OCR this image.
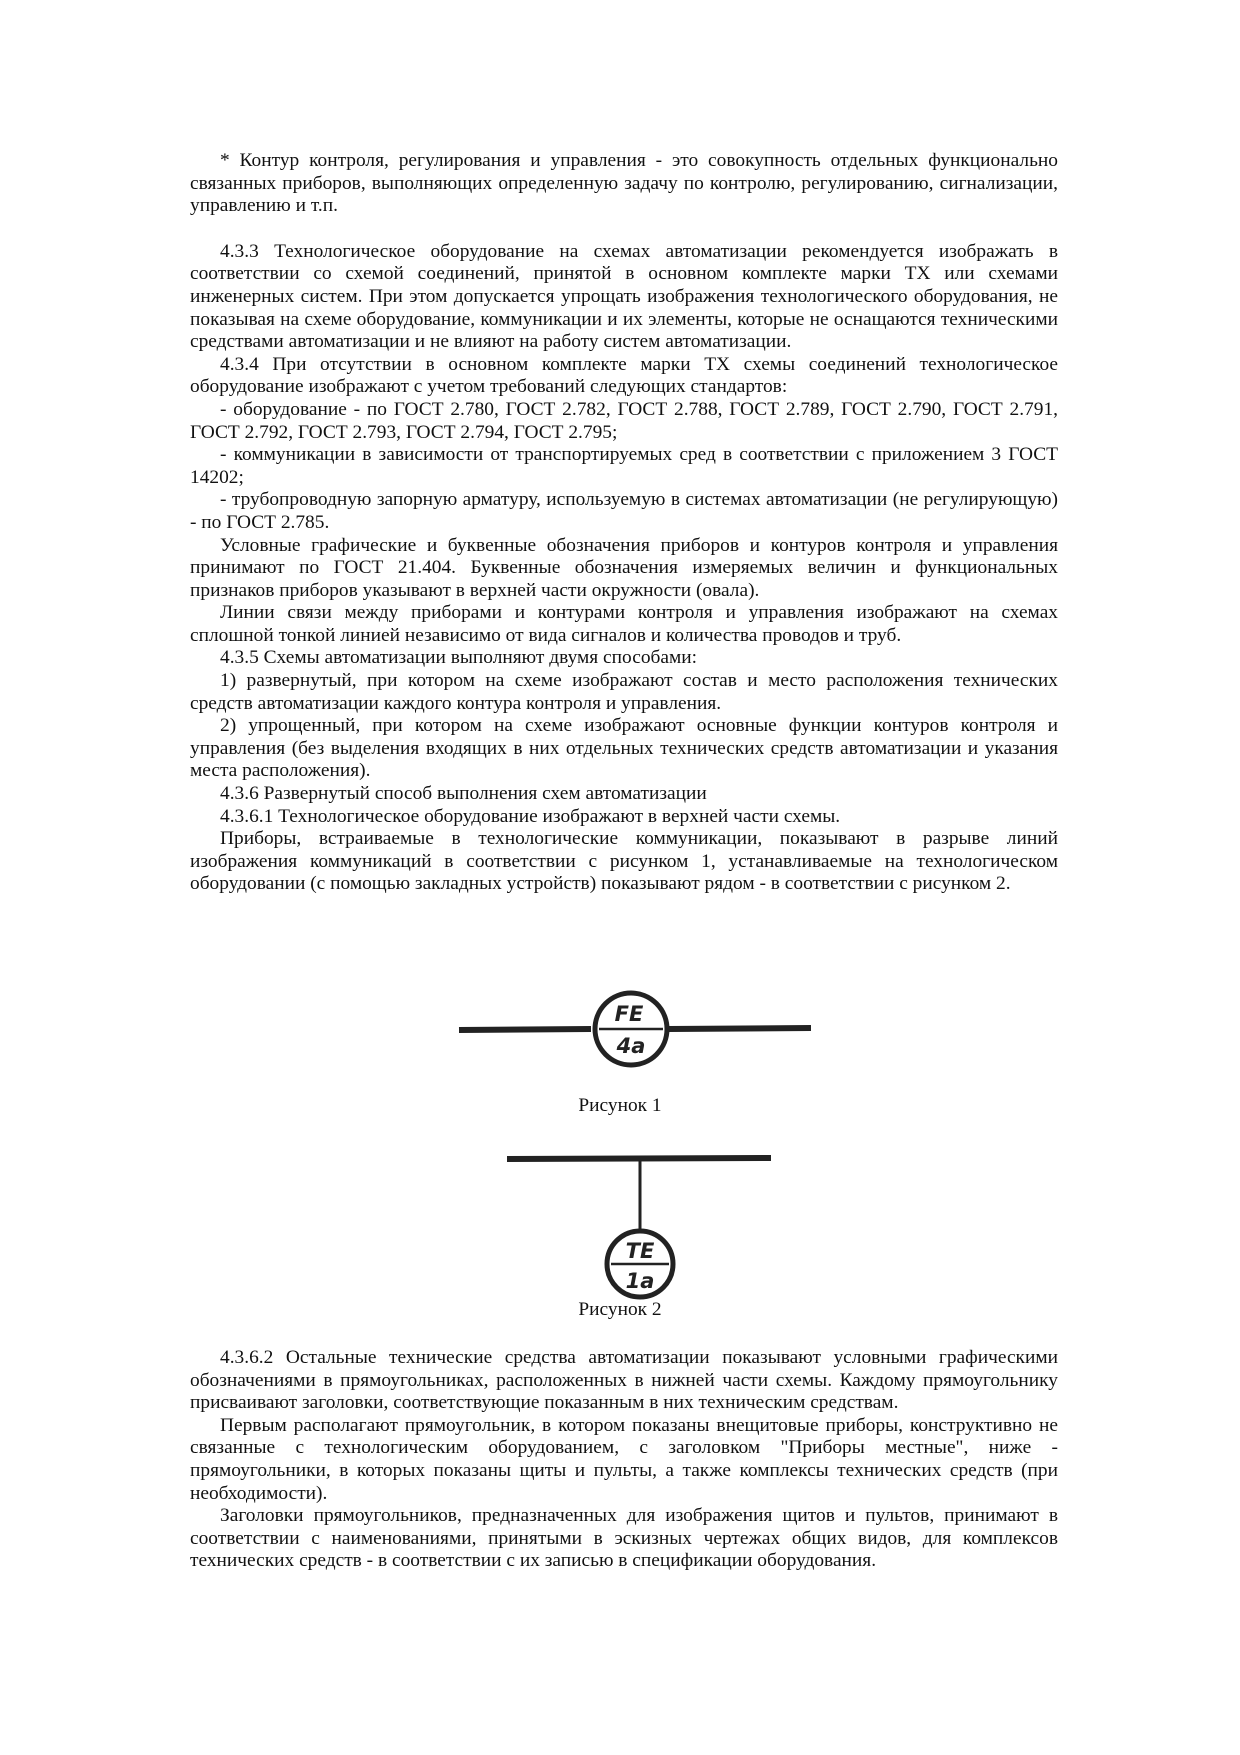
* Контур контроля, регулирования и управления - это совокупность отдельных функционально связанных приборов, выполняющих определенную задачу по контролю, регулированию, сигнализации, управлению и т.п.

4.3.3 Технологическое оборудование на схемах автоматизации рекомендуется изображать в соответствии со схемой соединений, принятой в основном комплекте марки ТХ или схемами инженерных систем. При этом допускается упрощать изображения технологического оборудования, не показывая на схеме оборудование, коммуникации и их элементы, которые не оснащаются техническими средствами автоматизации и не влияют на работу систем автоматизации.

4.3.4 При отсутствии в основном комплекте марки ТХ схемы соединений технологическое оборудование изображают с учетом требований следующих стандартов:

- оборудование - по ГОСТ 2.780, ГОСТ 2.782, ГОСТ 2.788, ГОСТ 2.789, ГОСТ 2.790, ГОСТ 2.791, ГОСТ 2.792, ГОСТ 2.793, ГОСТ 2.794, ГОСТ 2.795;

- коммуникации в зависимости от транспортируемых сред в соответствии с приложением 3 ГОСТ 14202;

- трубопроводную запорную арматуру, используемую в системах автоматизации (не регулирующую) - по ГОСТ 2.785.

Условные графические и буквенные обозначения приборов и контуров контроля и управления принимают по ГОСТ 21.404. Буквенные обозначения измеряемых величин и функциональных признаков приборов указывают в верхней части окружности (овала).

Линии связи между приборами и контурами контроля и управления изображают на схемах сплошной тонкой линией независимо от вида сигналов и количества проводов и труб.

4.3.5 Схемы автоматизации выполняют двумя способами:

1) развернутый, при котором на схеме изображают состав и место расположения технических средств автоматизации каждого контура контроля и управления.

2) упрощенный, при котором на схеме изображают основные функции контуров контроля и управления (без выделения входящих в них отдельных технических средств автоматизации и указания места расположения).

4.3.6 Развернутый способ выполнения схем автоматизации

4.3.6.1 Технологическое оборудование изображают в верхней части схемы.

Приборы, встраиваемые в технологические коммуникации, показывают в разрыве линий изображения коммуникаций в соответствии с рисунком 1, устанавливаемые на технологическом оборудовании (с помощью закладных устройств) показывают рядом - в соответствии с рисунком 2.

FE
4а
Рисунок 1
TE
1а
Рисунок 2

4.3.6.2 Остальные технические средства автоматизации показывают условными графическими обозначениями в прямоугольниках, расположенных в нижней части схемы. Каждому прямоугольнику присваивают заголовки, соответствующие показанным в них техническим средствам.

Первым располагают прямоугольник, в котором показаны внещитовые приборы, конструктивно не связанные с технологическим оборудованием, с заголовком "Приборы местные", ниже - прямоугольники, в которых показаны щиты и пульты, а также комплексы технических средств (при необходимости).

Заголовки прямоугольников, предназначенных для изображения щитов и пультов, принимают в соответствии с наименованиями, принятыми в эскизных чертежах общих видов, для комплексов технических средств - в соответствии с их записью в спецификации оборудования.
